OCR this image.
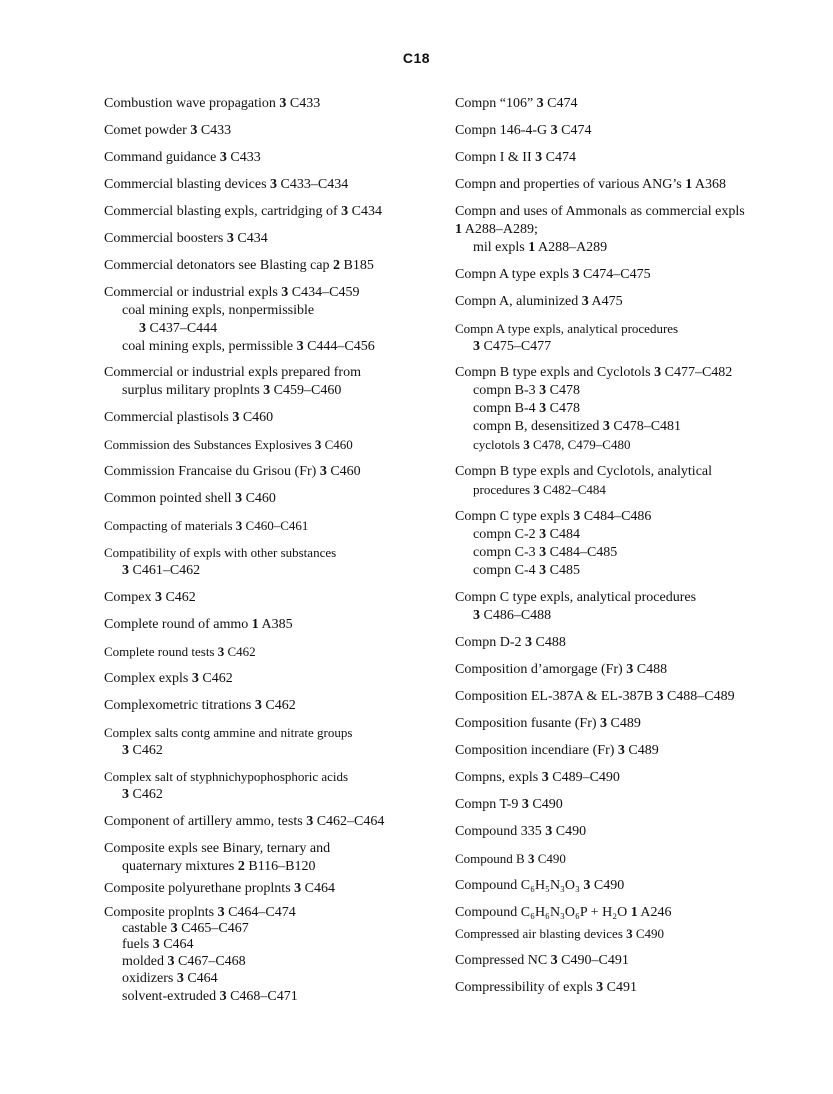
C18
Combustion wave propagation 3 C433
Comet powder 3 C433
Command guidance 3 C433
Commercial blasting devices 3 C433–C434
Commercial blasting expls, cartridging of 3 C434
Commercial boosters 3 C434
Commercial detonators see Blasting cap 2 B185
Commercial or industrial expls 3 C434–C459
coal mining expls, nonpermissible
3 C437–C444
coal mining expls, permissible 3 C444–C456
Commercial or industrial expls prepared from
surplus military proplnts 3 C459–C460
Commercial plastisols 3 C460
Commission des Substances Explosives 3 C460
Commission Francaise du Grisou (Fr) 3 C460
Common pointed shell 3 C460
Compacting of materials 3 C460–C461
Compatibility of expls with other substances
3 C461–C462
Compex 3 C462
Complete round of ammo 1 A385
Complete round tests 3 C462
Complex expls 3 C462
Complexometric titrations 3 C462
Complex salts contg ammine and nitrate groups
3 C462
Complex salt of styphnichypophosphoric acids
3 C462
Component of artillery ammo, tests 3 C462–C464
Composite expls see Binary, ternary and
quaternary mixtures 2 B116–B120
Composite polyurethane proplnts 3 C464
Composite proplnts 3 C464–C474
castable 3 C465–C467
fuels 3 C464
molded 3 C467–C468
oxidizers 3 C464
solvent-extruded 3 C468–C471
Compn “106” 3 C474
Compn 146-4-G 3 C474
Compn I & II 3 C474
Compn and properties of various ANG’s 1 A368
Compn and uses of Ammonals as commercial expls
1 A288–A289;
mil expls 1 A288–A289
Compn A type expls 3 C474–C475
Compn A, aluminized 3 A475
Compn A type expls, analytical procedures
3 C475–C477
Compn B type expls and Cyclotols 3 C477–C482
compn B-3 3 C478
compn B-4 3 C478
compn B, desensitized 3 C478–C481
cyclotols 3 C478, C479–C480
Compn B type expls and Cyclotols, analytical
procedures 3 C482–C484
Compn C type expls 3 C484–C486
compn C-2 3 C484
compn C-3 3 C484–C485
compn C-4 3 C485
Compn C type expls, analytical procedures
3 C486–C488
Compn D-2 3 C488
Composition d’amorgage (Fr) 3 C488
Composition EL-387A & EL-387B 3 C488–C489
Composition fusante (Fr) 3 C489
Composition incendiare (Fr) 3 C489
Compns, expls 3 C489–C490
Compn T-9 3 C490
Compound 335 3 C490
Compound B 3 C490
Compound C₆H₅N₃O₃ 3 C490
Compound C₆H₆N₃O₆P + H₂O 1 A246
Compressed air blasting devices 3 C490
Compressed NC 3 C490–C491
Compressibility of expls 3 C491
